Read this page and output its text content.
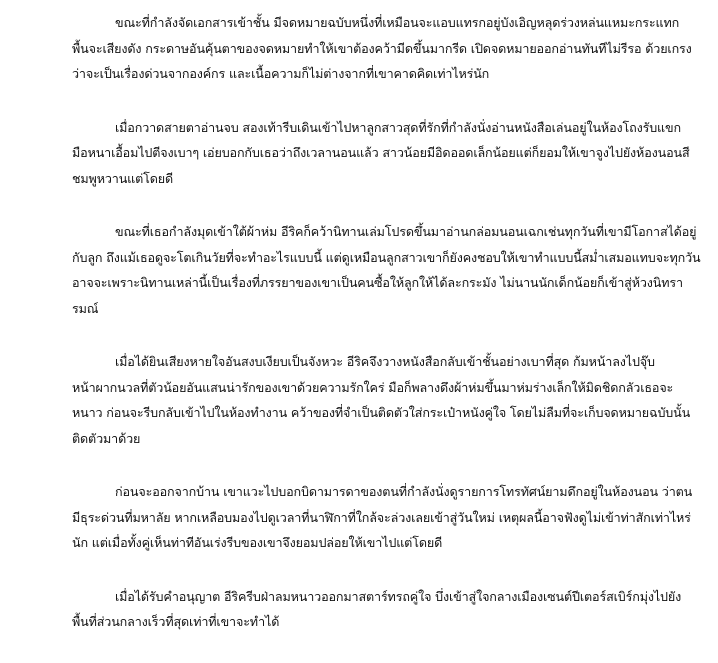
ขณะที่กำลังจัดเอกสารเข้าชั้น มีจดหมายฉบับหนึ่งที่เหมือนจะแอบแทรกอยู่บังเอิญหลุดร่วงหล่นแหมะกระแทก
พื้นจะเสียงดัง กระดาษอันคุ้นตาของจดหมายทำให้เขาต้องคว้ามีดขึ้นมากรีด เปิดจดหมายออกอ่านทันทีไม่รีรอ ด้วยเกรง
ว่าจะเป็นเรื่องด่วนจากองค์กร และเนื้อความก็ไม่ต่างจากที่เขาคาดคิดเท่าไหร่นัก

เมื่อกวาดสายตาอ่านจบ สองเท้ารีบเดินเข้าไปหาลูกสาวสุดที่รักที่กำลังนั่งอ่านหนังสือเล่นอยู่ในห้องโถงรับแขก
มือหนาเอื้อมไปตีจงเบาๆ เอ่ยบอกกับเธอว่าถึงเวลานอนแล้ว สาวน้อยมีอิดออดเล็กน้อยแต่ก็ยอมให้เขาจูงไปยังห้องนอนสี
ชมพูหวานแต่โดยดี

ขณะที่เธอกำลังมุดเข้าใต้ผ้าห่ม อีริคก็คว้านิทานเล่มโปรดขึ้นมาอ่านกล่อมนอนเฉกเช่นทุกวันที่เขามีโอกาสได้อยู่
กับลูก ถึงแม้เธอดูจะโตเกินวัยที่จะทำอะไรแบบนี้ แต่ดูเหมือนลูกสาวเขาก็ยังคงชอบให้เขาทำแบบนี้สม่ำเสมอแทบจะทุกวัน
อาจจะเพราะนิทานเหล่านี้เป็นเรื่องที่ภรรยาของเขาเป็นคนซื้อให้ลูกให้ได้ละกระมัง ไม่นานนักเด็กน้อยก็เข้าสู่ห้วงนิทรา
รมณ์

เมื่อได้ยินเสียงหายใจอันสงบเงียบเป็นจังหวะ อีริคจึงวางหนังสือกลับเข้าชั้นอย่างเบาที่สุด ก้มหน้าลงไปจุ๊บ
หน้าผากนวลที่ตัวน้อยอันแสนน่ารักของเขาด้วยความรักใคร่ มือก็พลางดึงผ้าห่มขึ้นมาห่มร่างเล็กให้มิดชิดกลัวเธอจะ
หนาว ก่อนจะรีบกลับเข้าไปในห้องทำงาน คว้าของที่จำเป็นติดตัวใส่กระเป๋าหนังคู่ใจ โดยไม่ลืมที่จะเก็บจดหมายฉบับนั้น
ติดตัวมาด้วย

ก่อนจะออกจากบ้าน เขาแวะไปบอกบิดามารดาของตนที่กำลังนั่งดูรายการโทรทัศน์ยามดึกอยู่ในห้องนอน ว่าตน
มีธุระด่วนที่มหาลัย หากเหลือบมองไปดูเวลาที่นาฬิกาที่ใกล้จะล่วงเลยเข้าสู่วันใหม่ เหตุผลนี้อาจฟังดูไม่เข้าท่าสักเท่าไหร่
นัก แต่เมื่อทั้งคู่เห็นท่าทีอันเร่งรีบของเขาจึงยอมปล่อยให้เขาไปแต่โดยดี

เมื่อได้รับคำอนุญาต อีริครีบฝ่าลมหนาวออกมาสตาร์ทรถคู่ใจ บึ่งเข้าสู่ใจกลางเมืองเซนต์ปีเตอร์สเบิร์กมุ่งไปยัง
พื้นที่ส่วนกลางเร็วที่สุดเท่าที่เขาจะทำได้
